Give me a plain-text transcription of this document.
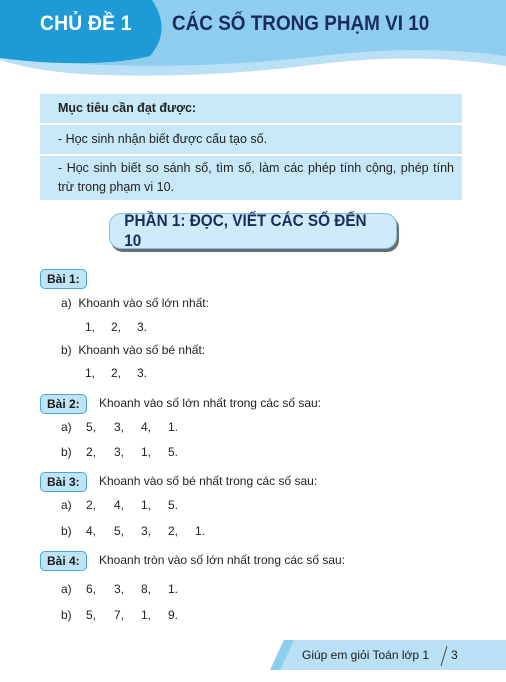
CHỦ ĐỀ 1 CÁC SỐ TRONG PHẠM VI 10
Mục tiêu cần đạt được:
- Học sinh nhận biết được cấu tạo số.
- Học sinh biết so sánh số, tìm số, làm các phép tính cộng, phép tính trừ trong phạm vi 10.
PHẦN 1: ĐỌC, VIẾT CÁC SỐ ĐẾN 10
Bài 1:
a) Khoanh vào số lớn nhất:
1, 2, 3.
b) Khoanh vào số bé nhất:
1, 2, 3.
Bài 2:	Khoanh vào số lớn nhất trong các số sau:
a) 5, 3, 4, 1.
b) 2, 3, 1, 5.
Bài 3:	Khoanh vào số bé nhất trong các số sau:
a) 2, 4, 1, 5.
b) 4, 5, 3, 2, 1.
Bài 4:	Khoanh tròn vào số lớn nhất trong các số sau:
a) 6, 3, 8, 1.
b) 5, 7, 1, 9.
Giúp em giỏi Toán lớp 1 3
